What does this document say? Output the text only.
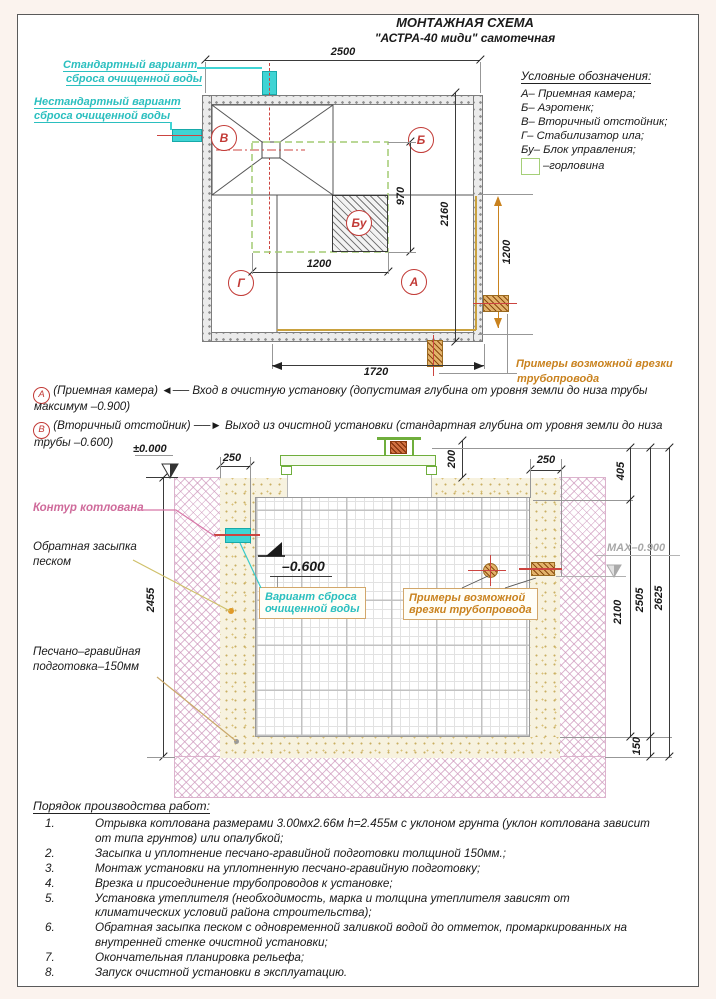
МОНТАЖНАЯ СХЕМА
"АСТРА-40 миди" самотечная
2500
Стандартный вариант
сброса очищенной воды
Нестандартный вариант
сброса очищенной воды
Бу
В	Б
Г	А
970
2160
1200	1200
1720
Примеры возможной врезки
трубопровода
Условные обозначения:
А– Приемная камера;
Б– Аэротенк;
В– Вторичный отстойник;
Г– Стабилизатор ила;
Бу– Блок управления;
–горловина
А (Приемная камера) ◄── Вход в очистную установку (допустимая глубина от уровня земли до низа трубы
максимум –0.900)
В (Вторичный отстойник) ──► Выход из очистной установки (стандартная глубина от уровня земли до низа
трубы –0.600) ±0.000
2455
250	200	250
405
2100 2505
150
2625
МАХ–0.900
–0.600
Вариант сброса
очищенной воды
Примеры возможной
врезки трубопровода
Контур котлована
Обратная засыпка
песком
Песчано–гравийная
подготовка–150мм
Порядок производства работ:
1.	Отрывка котлована размерами 3.00мх2.66м h=2.455м с уклоном грунта (уклон котлована зависит от типа грунтов) или опалубкой;
2.	Засыпка и уплотнение песчано-гравийной подготовки толщиной 150мм.;
3.	Монтаж установки на уплотненную песчано-гравийную подготовку;
4.	Врезка и присоединение трубопроводов к установке;
5.	Установка утеплителя (необходимость, марка и толщина утеплителя зависят от климатических условий района строительства);
6.	Обратная засыпка песком с одновременной заливкой водой до отметок, промаркированных на внутренней стенке очистной установки;
7.	Окончательная планировка рельефа;
8.	Запуск очистной установки в эксплуатацию.
